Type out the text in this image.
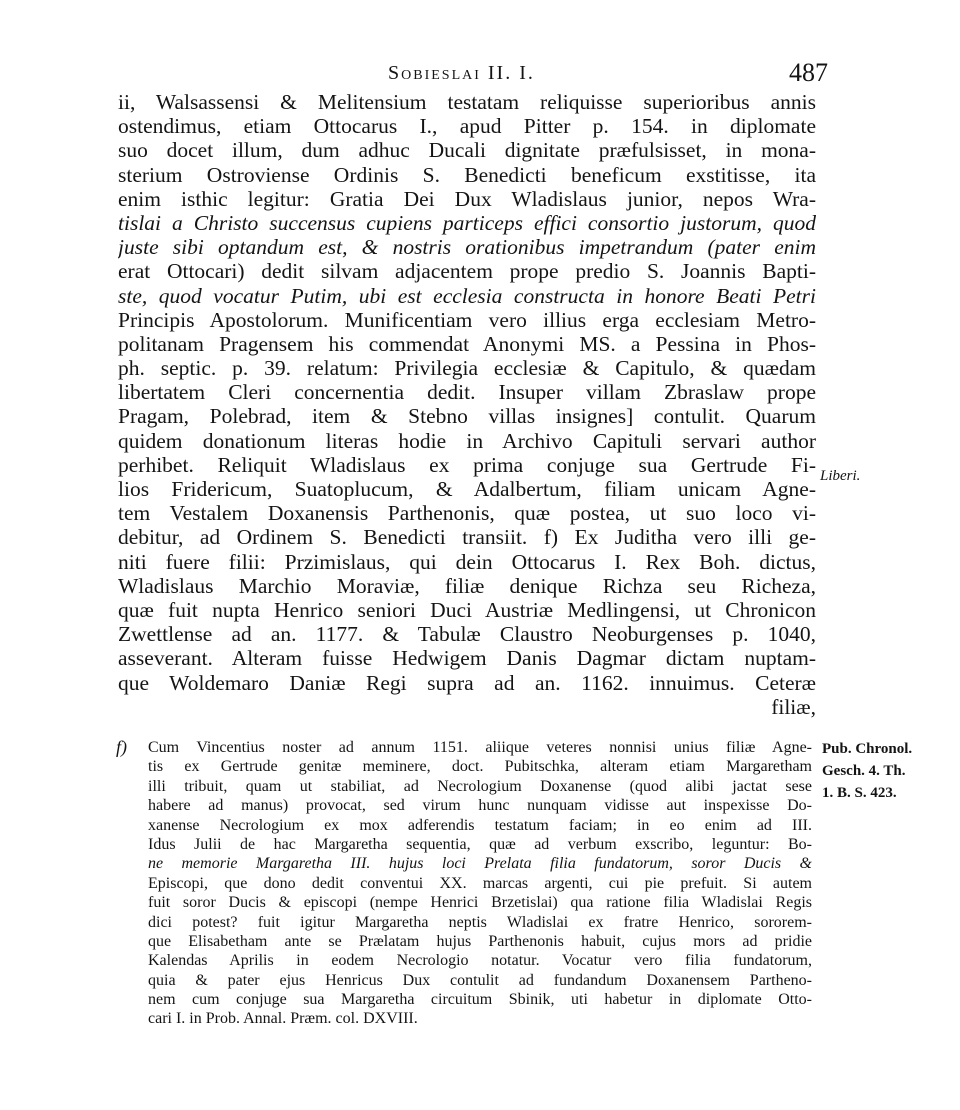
Sobieslai II. I.	487

ii, Walsassensi & Melitensium testatam reliquisse superioribus annis
ostendimus, etiam Ottocarus I., apud Pitter p. 154. in diplomate
suo docet illum, dum adhuc Ducali dignitate præfulsisset, in mona-
sterium Ostroviense Ordinis S. Benedicti beneficum exstitisse, ita
enim isthic legitur: Gratia Dei Dux Wladislaus junior, nepos Wra-
tislai a Christo succensus cupiens particeps effici consortio justorum, quod
juste sibi optandum est, & nostris orationibus impetrandum (pater enim
erat Ottocari) dedit silvam adjacentem prope predio S. Joannis Bapti-
ste, quod vocatur Putim, ubi est ecclesia constructa in honore Beati Petri
Principis Apostolorum. Munificentiam vero illius erga ecclesiam Metro-
politanam Pragensem his commendat Anonymi MS. a Pessina in Phos-
ph. septic. p. 39. relatum: Privilegia ecclesiæ & Capitulo, & quædam
libertatem Cleri concernentia dedit. Insuper villam Zbraslaw prope
Pragam, Polebrad, item & Stebno villas insignes] contulit. Quarum
quidem donationum literas hodie in Archivo Capituli servari author
perhibet. Reliquit Wladislaus ex prima conjuge sua Gertrude Fi-
lios Fridericum, Suatoplucum, & Adalbertum, filiam unicam Agne-
tem Vestalem Doxanensis Parthenonis, quæ postea, ut suo loco vi-
debitur, ad Ordinem S. Benedicti transiit. f) Ex Juditha vero illi ge-
niti fuere filii: Przimislaus, qui dein Ottocarus I. Rex Boh. dictus,
Wladislaus Marchio Moraviæ, filiæ denique Richza seu Richeza,
quæ fuit nupta Henrico seniori Duci Austriæ Medlingensi, ut Chronicon
Zwettlense ad an. 1177. & Tabulæ Claustro Neoburgenses p. 1040,
asseverant. Alteram fuisse Hedwigem Danis Dagmar dictam nuptam-
que Woldemaro Daniæ Regi supra ad an. 1162. innuimus. Ceteræ
filiæ,

Liberi.
Pub. Chronol.
Gesch. 4. Th.
1. B. S. 423.
f)	Cum Vincentius noster ad annum 1151. aliique veteres nonnisi unius filiæ Agne-
tis ex Gertrude genitæ meminere, doct. Pubitschka, alteram etiam Margaretham
illi tribuit, quam ut stabiliat, ad Necrologium Doxanense (quod alibi jactat sese
habere ad manus) provocat, sed virum hunc nunquam vidisse aut inspexisse Do-
xanense Necrologium ex mox adferendis testatum faciam; in eo enim ad III.
Idus Julii de hac Margaretha sequentia, quæ ad verbum exscribo, leguntur: Bo-
ne memorie Margaretha III. hujus loci Prelata filia fundatorum, soror Ducis &
Episcopi, que dono dedit conventui XX. marcas argenti, cui pie prefuit. Si autem
fuit soror Ducis & episcopi (nempe Henrici Brzetislai) qua ratione filia Wladislai Regis
dici potest? fuit igitur Margaretha neptis Wladislai ex fratre Henrico, sororem-
que Elisabetham ante se Prælatam hujus Parthenonis habuit, cujus mors ad pridie
Kalendas Aprilis in eodem Necrologio notatur. Vocatur vero filia fundatorum,
quia & pater ejus Henricus Dux contulit ad fundandum Doxanensem Partheno-
nem cum conjuge sua Margaretha circuitum Sbinik, uti habetur in diplomate Otto-
cari I. in Prob. Annal. Præm. col. DXVIII.
